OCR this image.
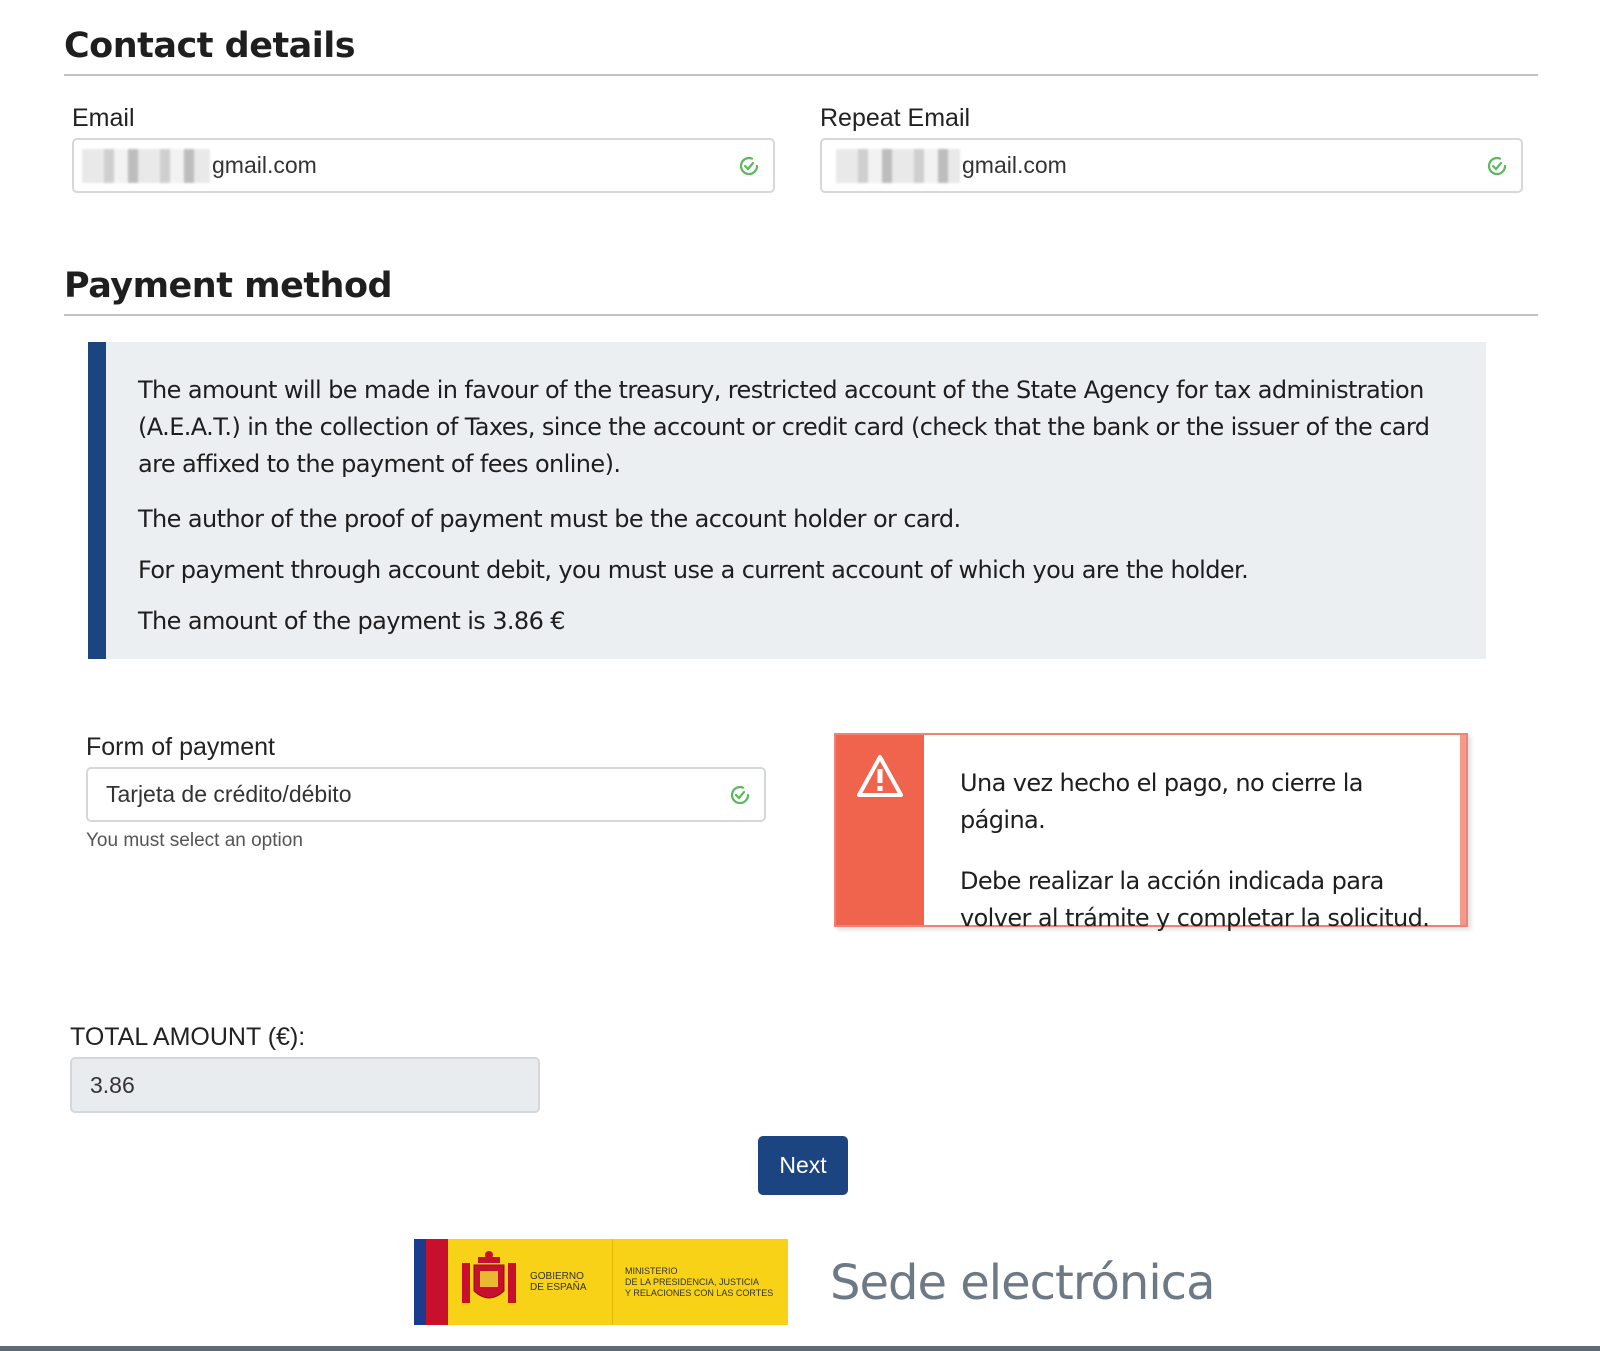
Contact details
Email
gmail.com
Repeat Email
gmail.com
Payment method

The amount will be made in favour of the treasury, restricted account of the State Agency for tax administration (A.E.A.T.) in the collection of Taxes, since the account or credit card (check that the bank or the issuer of the card are affixed to the payment of fees online).

The author of the proof of payment must be the account holder or card.

For payment through account debit, you must use a current account of which you are the holder.

The amount of the payment is 3.86 €

Form of payment
Tarjeta de crédito/débito
You must select an option

Una vez hecho el pago, no cierre la página.

Debe realizar la acción indicada para volver al trámite y completar la solicitud.

TOTAL AMOUNT (€):
3.86
Next
GOBIERNO
DE ESPAÑA
MINISTERIO
DE LA PRESIDENCIA, JUSTICIA
Y RELACIONES CON LAS CORTES Sede electrónica
